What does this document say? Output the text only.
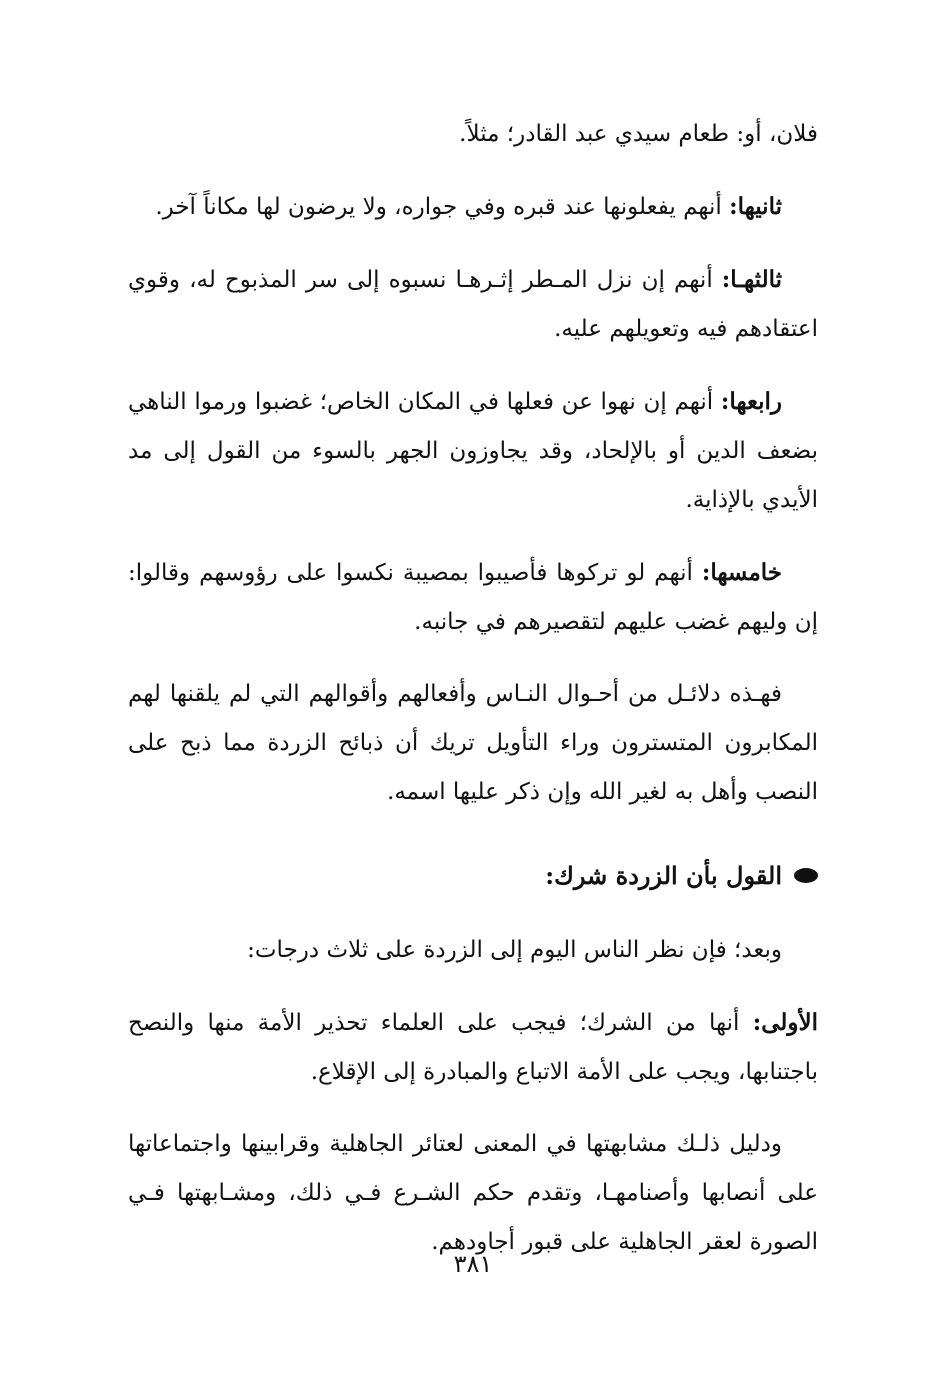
فلان، أو: طعام سيدي عبد القادر؛ مثلاً.

ثانيها: أنهم يفعلونها عند قبره وفي جواره، ولا يرضون لها مكاناً آخر.

ثالثهـا: أنهم إن نزل المـطر إثـرهـا نسبوه إلى سر المذبوح له، وقوي اعتقادهم فيه وتعويلهم عليه.

رابعها: أنهم إن نهوا عن فعلها في المكان الخاص؛ غضبوا ورموا الناهي بضعف الدين أو بالإلحاد، وقد يجاوزون الجهر بالسوء من القول إلى مد الأيدي بالإذاية.

خامسها: أنهم لو تركوها فأصيبوا بمصيبة نكسوا على رؤوسهم وقالوا: إن وليهم غضب عليهم لتقصيرهم في جانبه.

فهـذه دلائـل من أحـوال النـاس وأفعالهم وأقوالهم التي لم يلقنها لهم المكابرون المتسترون وراء التأويل تريك أن ذبائح الزردة مما ذبح على النصب وأهل به لغير الله وإن ذكر عليها اسمه.

القول بأن الزردة شرك:

وبعد؛ فإن نظر الناس اليوم إلى الزردة على ثلاث درجات:

الأولى: أنها من الشرك؛ فيجب على العلماء تحذير الأمة منها والنصح باجتنابها، ويجب على الأمة الاتباع والمبادرة إلى الإقلاع.

ودليل ذلـك مشابهتها في المعنى لعتائر الجاهلية وقرابينها واجتماعاتها على أنصابها وأصنامهـا، وتقدم حكم الشـرع فـي ذلك، ومشـابهتها فـي الصورة لعقر الجاهلية على قبور أجاودهم.

٣٨١
